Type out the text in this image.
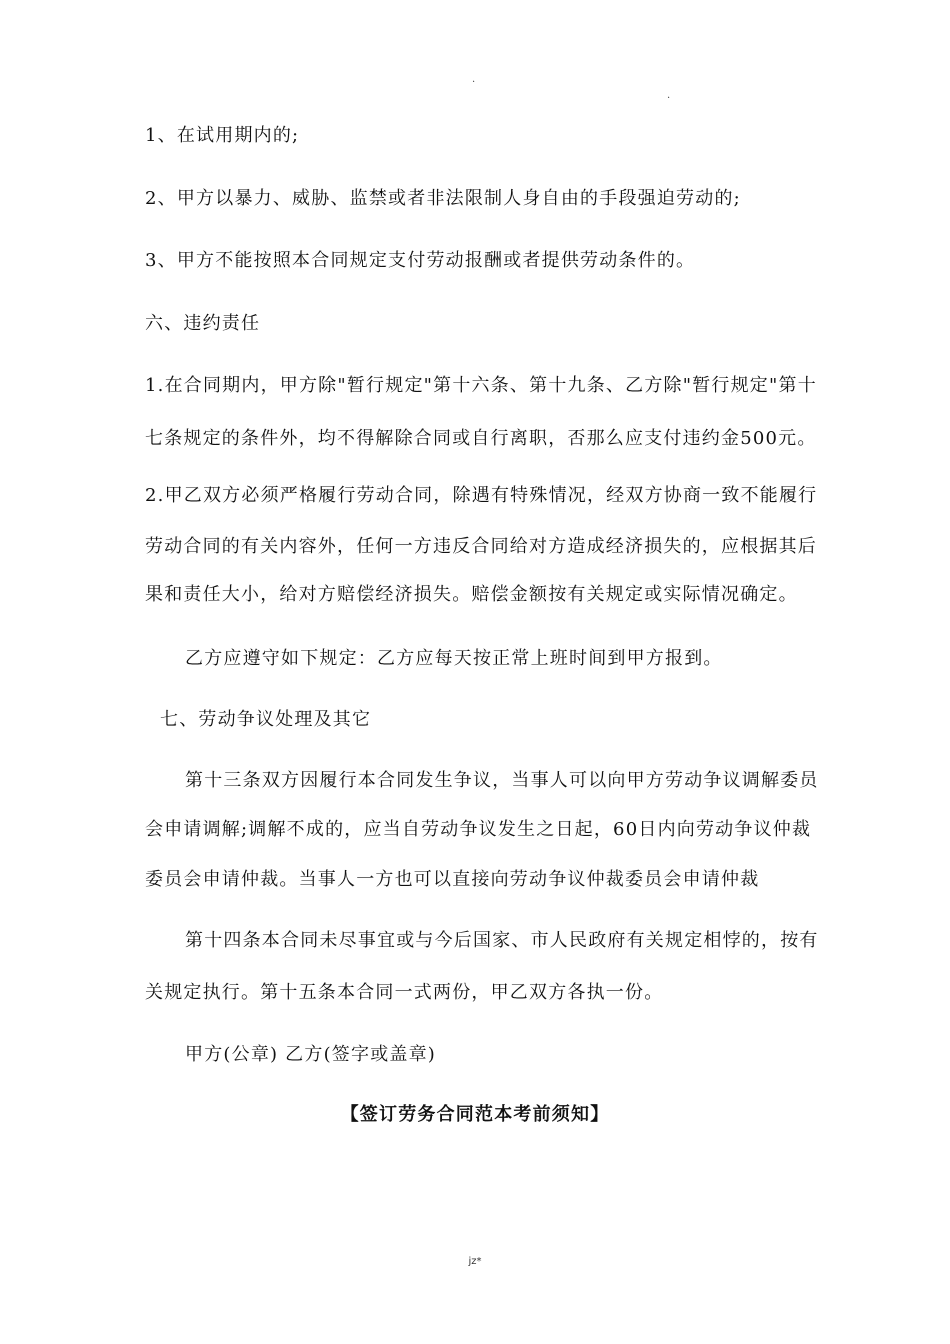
.
.
1、在试用期内的;
2、甲方以暴力、威胁、监禁或者非法限制人身自由的手段强迫劳动的;
3、甲方不能按照本合同规定支付劳动报酬或者提供劳动条件的。
六、违约责任
1.在合同期内，甲方除"暂行规定"第十六条、第十九条、乙方除"暂行规定"第十
七条规定的条件外，均不得解除合同或自行离职，否那么应支付违约金500元。
2.甲乙双方必须严格履行劳动合同，除遇有特殊情况，经双方协商一致不能履行
劳动合同的有关内容外，任何一方违反合同给对方造成经济损失的，应根据其后
果和责任大小，给对方赔偿经济损失。赔偿金额按有关规定或实际情况确定。
乙方应遵守如下规定：乙方应每天按正常上班时间到甲方报到。
七、劳动争议处理及其它
第十三条双方因履行本合同发生争议，当事人可以向甲方劳动争议调解委员
会申请调解;调解不成的，应当自劳动争议发生之日起，60日内向劳动争议仲裁
委员会申请仲裁。当事人一方也可以直接向劳动争议仲裁委员会申请仲裁
第十四条本合同未尽事宜或与今后国家、市人民政府有关规定相悖的，按有
关规定执行。第十五条本合同一式两份，甲乙双方各执一份。
甲方(公章) 乙方(签字或盖章)
【签订劳务合同范本考前须知】
jz*
